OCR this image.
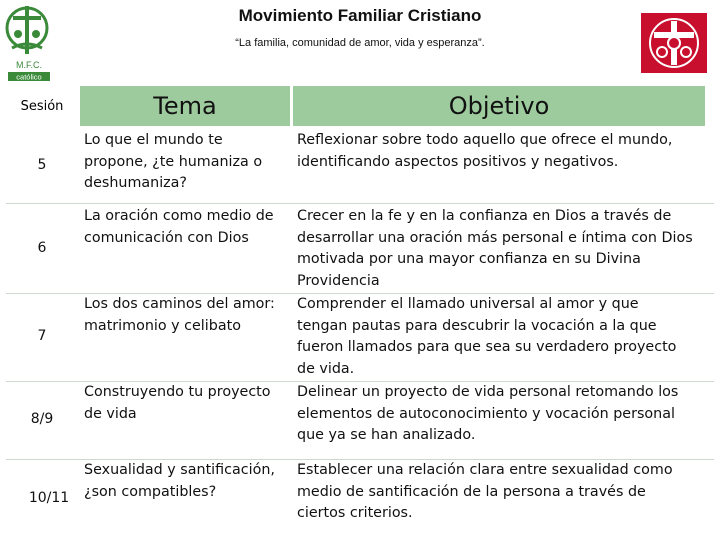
M.F.C.
católico
Movimiento Familiar Cristiano
“La familia, comunidad de amor, vida y esperanza”.
Sesión	Tema	Objetivo
5
Lo que el mundo te
propone, ¿te humaniza o
deshumaniza?
Reflexionar sobre todo aquello que ofrece el mundo,
identificando aspectos positivos y negativos.
6
La oración como medio de
comunicación con Dios
Crecer en la fe y en la confianza en Dios a través de
desarrollar una oración más personal e íntima con Dios
motivada por una mayor confianza en su Divina
Providencia
7
Los dos caminos del amor:
matrimonio y celibato
Comprender el llamado universal al amor y que
tengan pautas para descubrir la vocación a la que
fueron llamados para que sea su verdadero proyecto
de vida.
8/9
Construyendo tu proyecto
de vida
Delinear un proyecto de vida personal retomando los
elementos de autoconocimiento y vocación personal
que ya se han analizado.
10/11
Sexualidad y santificación,
¿son compatibles?
Establecer una relación clara entre sexualidad como
medio de santificación de la persona a través de
ciertos criterios.
